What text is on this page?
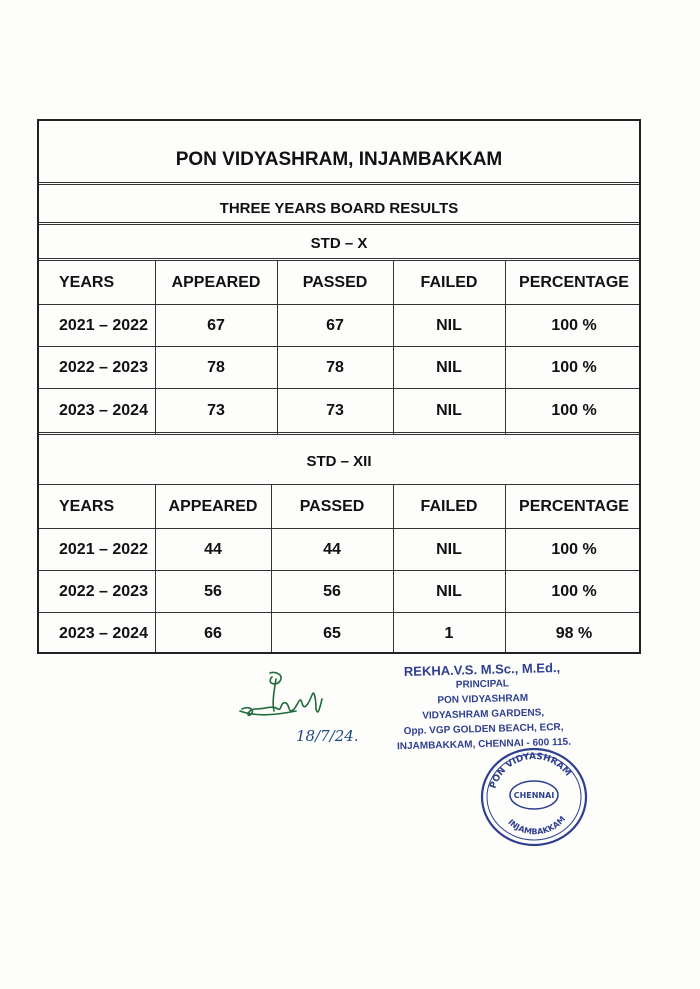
PON VIDYASHRAM, INJAMBAKKAM
THREE YEARS BOARD RESULTS
STD – X
YEARS	APPEARED	PASSED	FAILED	PERCENTAGE
2021 – 2022	67	67	NIL	100 %
2022 – 2023	78	78	NIL	100 %
2023 – 2024	73	73	NIL	100 %
STD – XII
YEARS	APPEARED	PASSED	FAILED	PERCENTAGE
2021 – 2022	44	44	NIL	100 %
2022 – 2023	56	56	NIL	100 %
2023 – 2024	66	65	1	98 %
18/7/24.
REKHA.V.S. M.Sc., M.Ed.,
PRINCIPAL
PON VIDYASHRAM
VIDYASHRAM GARDENS,
Opp. VGP GOLDEN BEACH, ECR,
INJAMBAKKAM, CHENNAI - 600 115.
PON VIDYASHRAM
INJAMBAKKAM
CHENNAI
